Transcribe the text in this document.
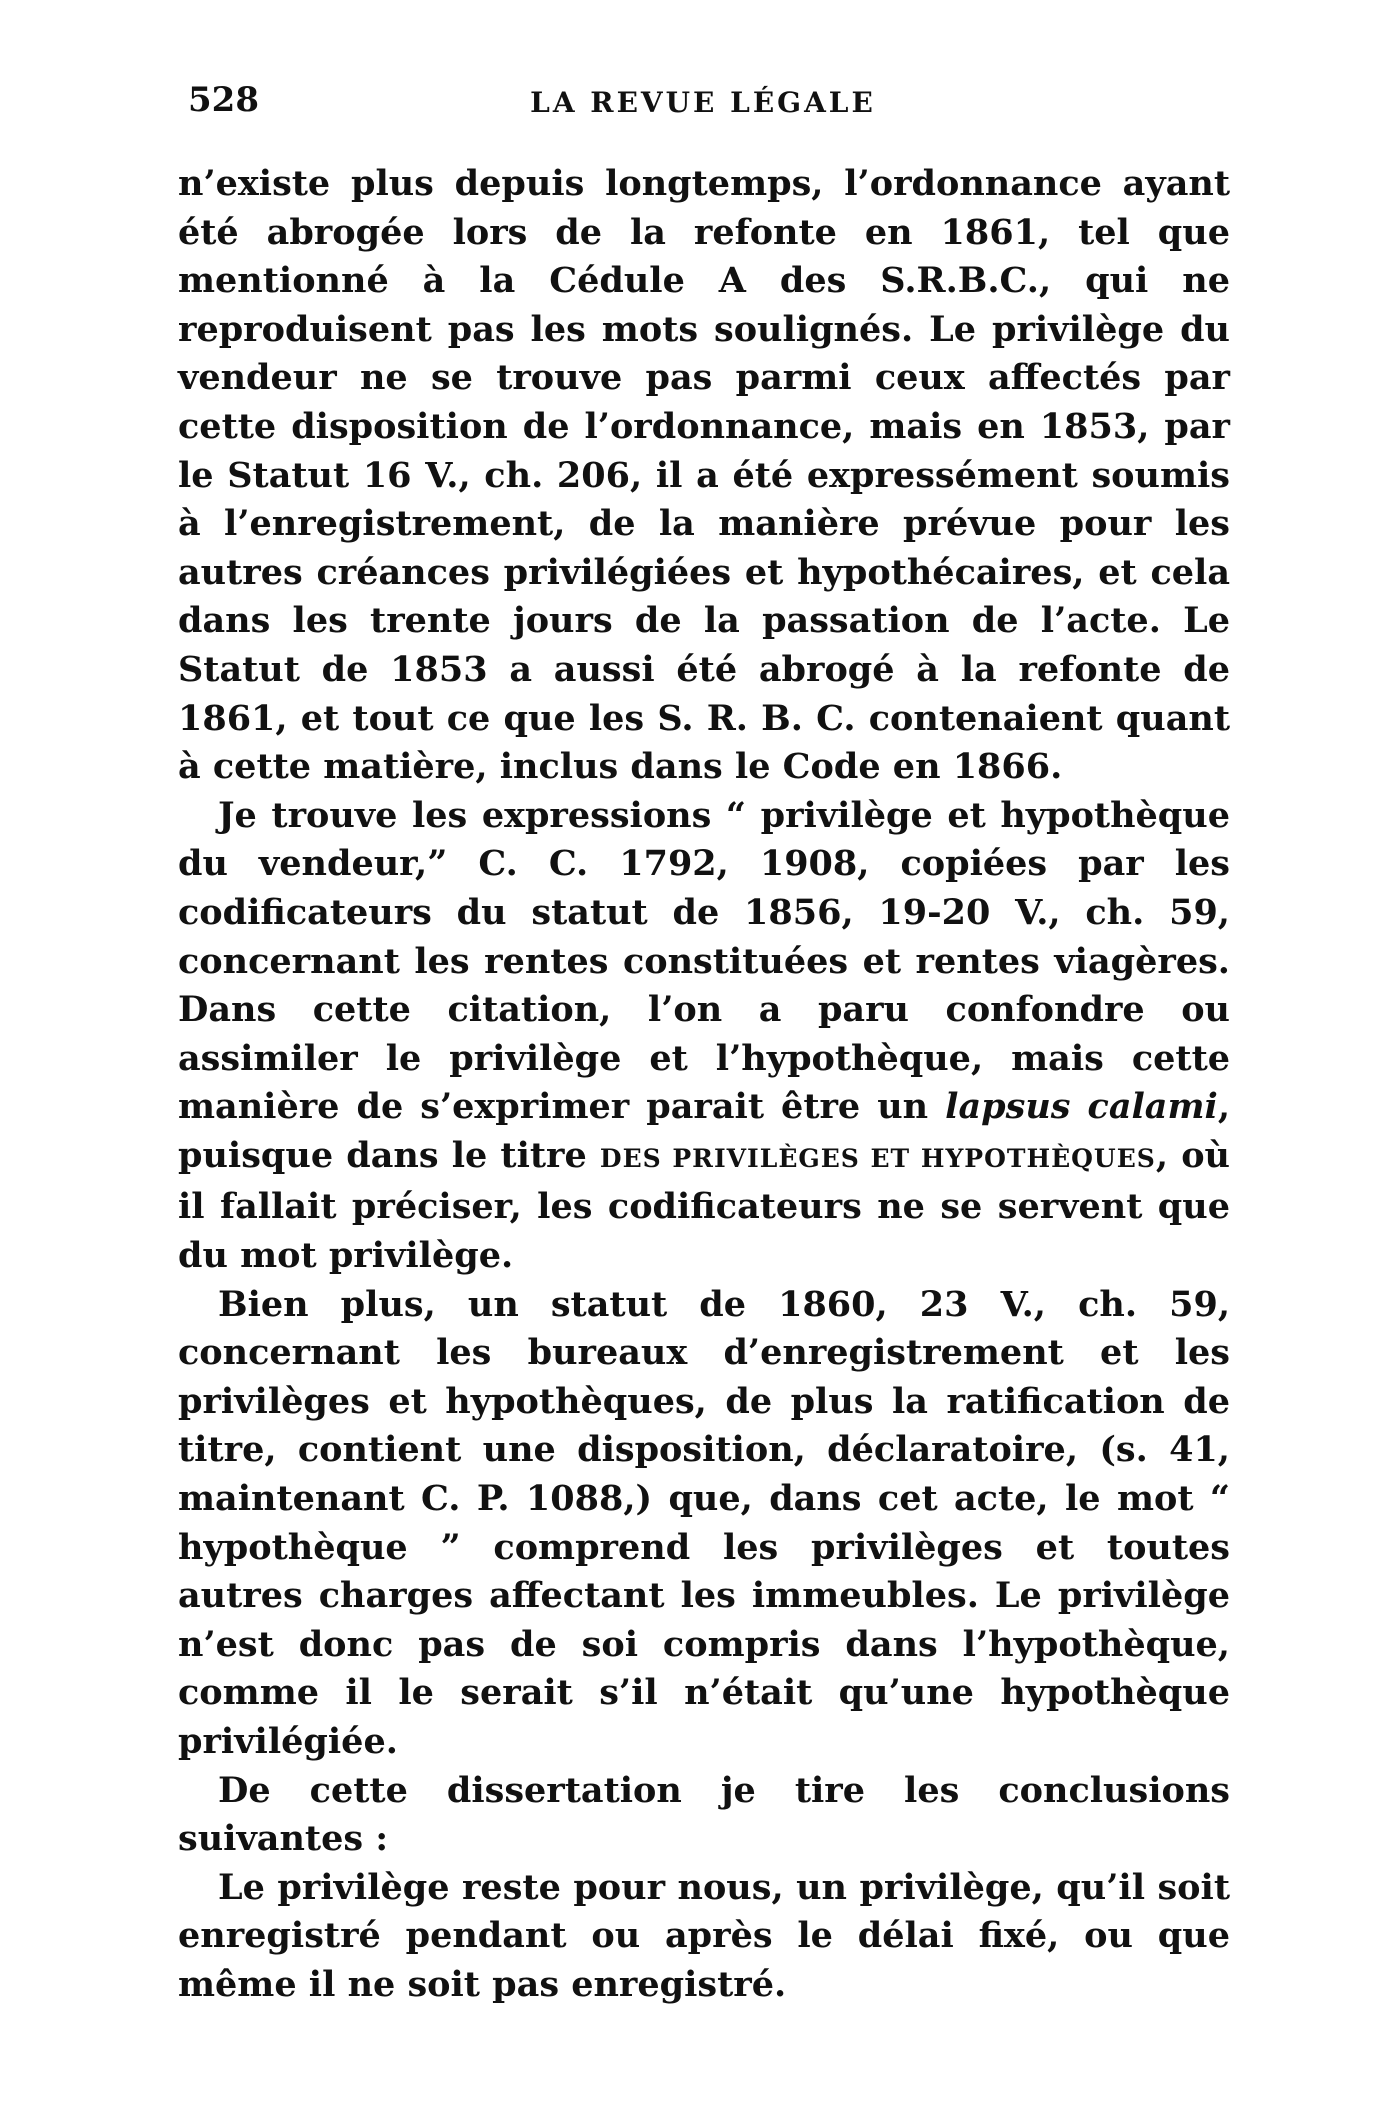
528	LA REVUE LÉGALE

n’existe plus depuis longtemps, l’ordonnance ayant été abrogée lors de la refonte en 1861, tel que mentionné à la Cédule A des S.R.B.C., qui ne reproduisent pas les mots soulignés. Le privilège du vendeur ne se trouve pas parmi ceux affectés par cette disposition de l’ordonnance, mais en 1853, par le Statut 16 V., ch. 206, il a été expressément soumis à l’enregistrement, de la manière prévue pour les autres créances privilégiées et hypothécaires, et cela dans les trente jours de la passation de l’acte. Le Statut de 1853 a aussi été abrogé à la refonte de 1861, et tout ce que les S. R. B. C. contenaient quant à cette matière, inclus dans le Code en 1866.

Je trouve les expressions “ privilège et hypothèque du vendeur,” C. C. 1792, 1908, copiées par les codificateurs du statut de 1856, 19-20 V., ch. 59, concernant les rentes constituées et rentes viagères. Dans cette citation, l’on a paru confondre ou assimiler le privilège et l’hypothèque, mais cette manière de s’exprimer parait être un lapsus calami, puisque dans le titre DES PRIVILÈGES ET HYPOTHÈQUES, où il fallait préciser, les codificateurs ne se servent que du mot privilège.

Bien plus, un statut de 1860, 23 V., ch. 59, concernant les bureaux d’enregistrement et les privilèges et hypothèques, de plus la ratification de titre, contient une disposition, déclaratoire, (s. 41, maintenant C. P. 1088,) que, dans cet acte, le mot “ hypothèque ” comprend les privilèges et toutes autres charges affectant les immeubles. Le privilège n’est donc pas de soi compris dans l’hypothèque, comme il le serait s’il n’était qu’une hypothèque privilégiée.

De cette dissertation je tire les conclusions suivantes :

Le privilège reste pour nous, un privilège, qu’il soit enregistré pendant ou après le délai fixé, ou que même il ne soit pas enregistré.
